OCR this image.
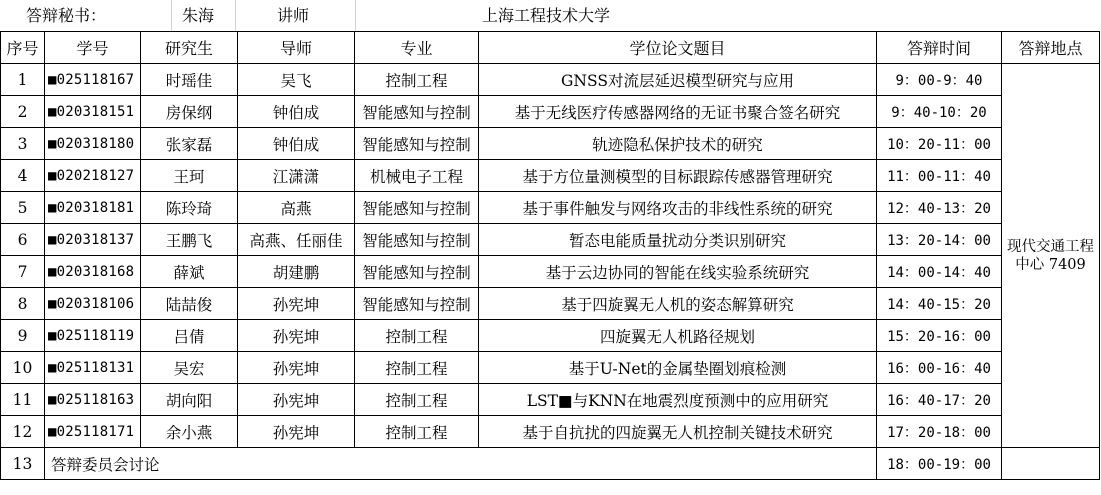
答辩秘书：	朱海	讲师	上海工程技术大学
序号	学号	研究生	导师	专业	学位论文题目	答辩时间	答辩地点
1	■025118167	时瑶佳	吴飞	控制工程	GNSS对流层延迟模型研究与应用	9：00-9：40	现代交通工程中心 7409
2	■020318151	房保纲	钟伯成	智能感知与控制	基于无线医疗传感器网络的无证书聚合签名研究	9：40-10：20	
3	■020318180	张家磊	钟伯成	智能感知与控制	轨迹隐私保护技术的研究	10：20-11：00	
4	■020218127	王珂	江潇潇	机械电子工程	基于方位量测模型的目标跟踪传感器管理研究	11：00-11：40	
5	■020318181	陈玲琦	高燕	智能感知与控制	基于事件触发与网络攻击的非线性系统的研究	12：40-13：20	
6	■020318137	王鹏飞	高燕、任丽佳	智能感知与控制	暂态电能质量扰动分类识别研究	13：20-14：00	
7	■020318168	薛斌	胡建鹏	智能感知与控制	基于云边协同的智能在线实验系统研究	14：00-14：40	
8	■020318106	陆喆俊	孙宪坤	智能感知与控制	基于四旋翼无人机的姿态解算研究	14：40-15：20	
9	■025118119	吕倩	孙宪坤	控制工程	四旋翼无人机路径规划	15：20-16：00	
10	■025118131	吴宏	孙宪坤	控制工程	基于U-Net的金属垫圈划痕检测	16：00-16：40	
11	■025118163	胡向阳	孙宪坤	控制工程	LST■与KNN在地震烈度预测中的应用研究	16：40-17：20	
12	■025118171	余小燕	孙宪坤	控制工程	基于自抗扰的四旋翼无人机控制关键技术研究	17：20-18：00	
13	答辩委员会讨论					18：00-19：00	
